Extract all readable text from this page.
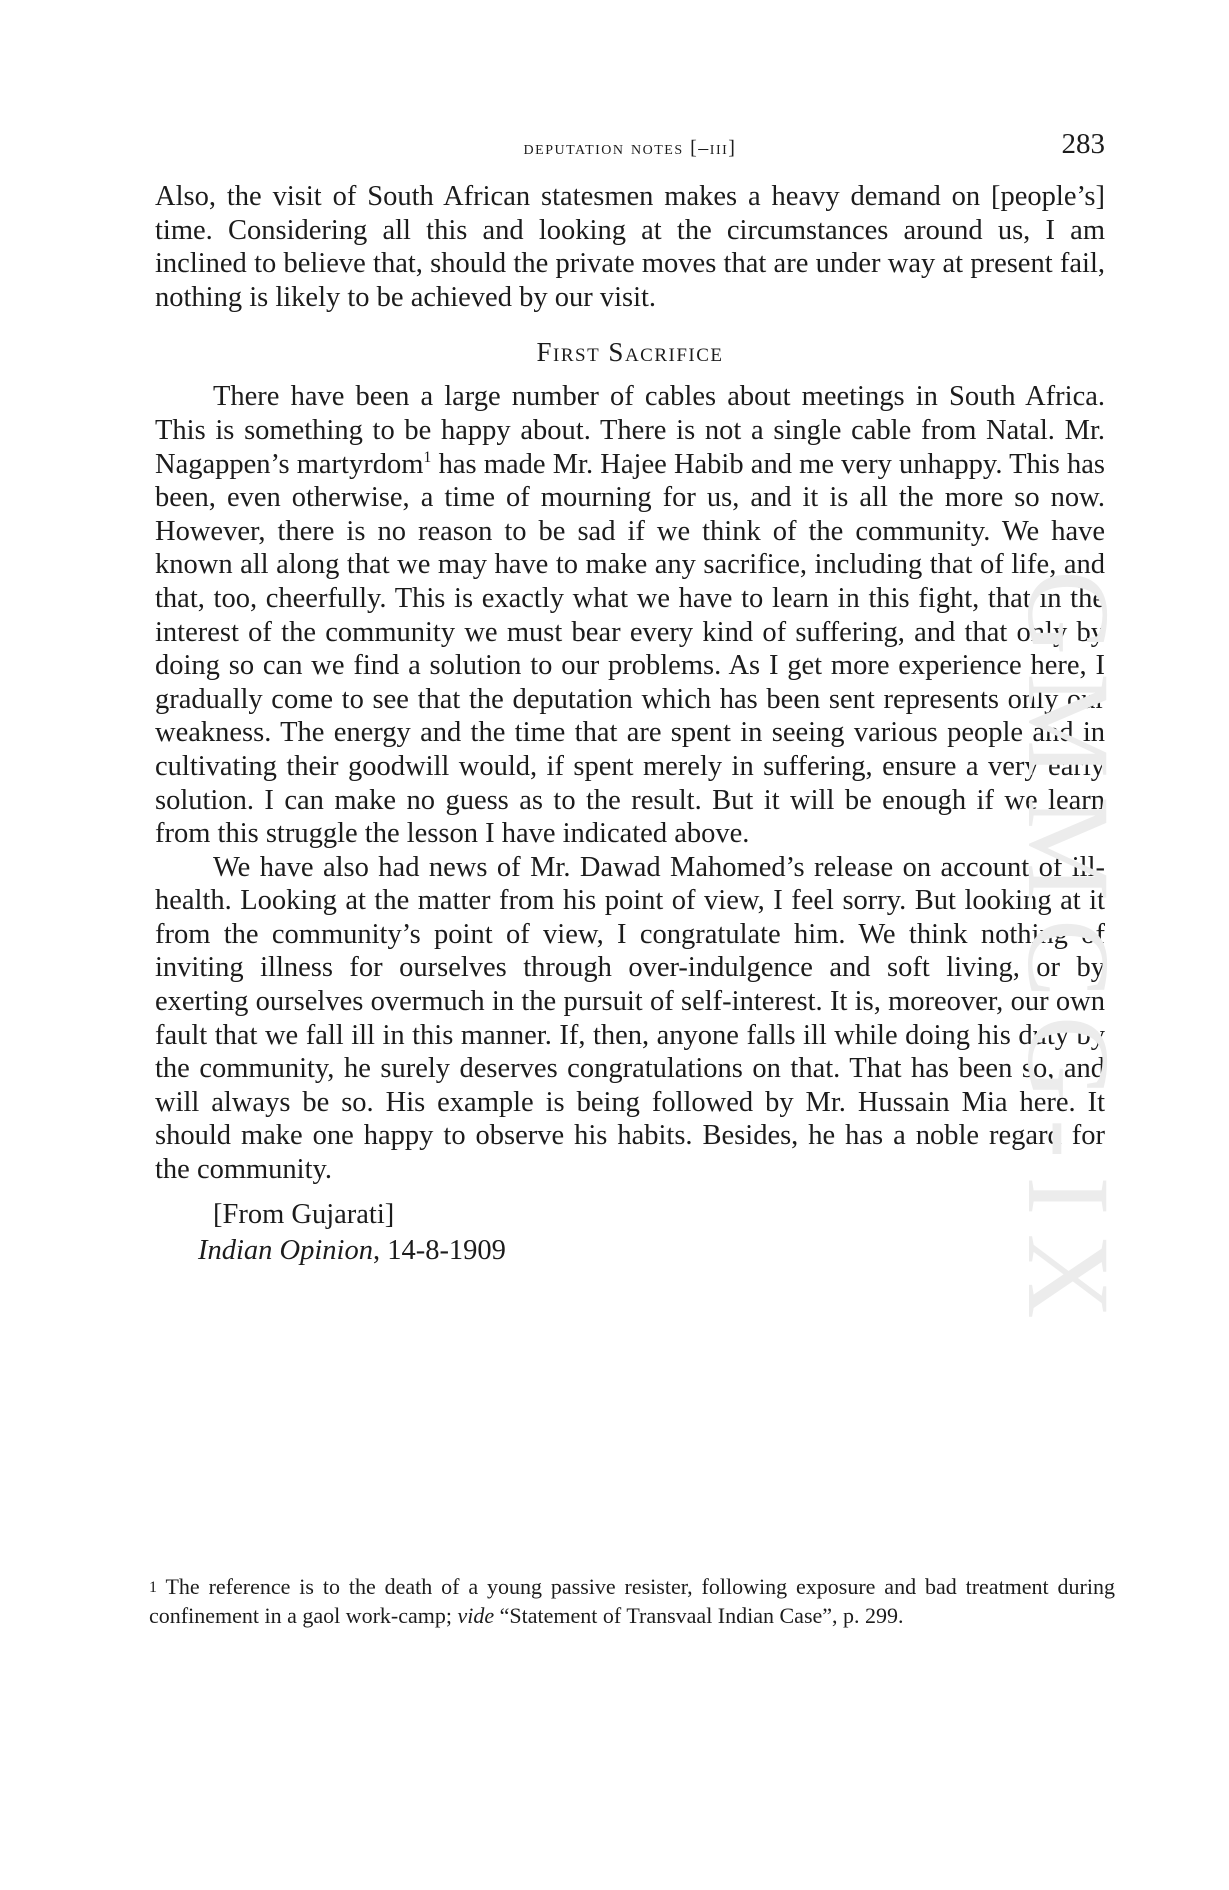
deputation notes [–iii]	283

Also, the visit of South African statesmen makes a heavy demand on [people’s] time. Considering all this and looking at the circumstances around us, I am inclined to believe that, should the private moves that are under way at present fail, nothing is likely to be achieved by our visit.

First Sacrifice

There have been a large number of cables about meetings in South Africa. This is something to be happy about. There is not a single cable from Natal. Mr. Nagappen’s martyrdom$^1$ has made Mr. Hajee Habib and me very unhappy. This has been, even otherwise, a time of mourning for us, and it is all the more so now. However, there is no reason to be sad if we think of the community. We have known all along that we may have to make any sacrifice, including that of life, and that, too, cheerfully. This is exactly what we have to learn in this fight, that in the interest of the community we must bear every kind of suffering, and that only by doing so can we find a solution to our problems. As I get more experience here, I gradually come to see that the deputation which has been sent represents only our weakness. The energy and the time that are spent in seeing various people and in cultivating their goodwill would, if spent merely in suffering, ensure a very early solution. I can make no guess as to the result. But it will be enough if we learn from this struggle the lesson I have indicated above.

We have also had news of Mr. Dawad Mahomed’s release on account of ill-health. Looking at the matter from his point of view, I feel sorry. But looking at it from the community’s point of view, I congratulate him. We think nothing of inviting illness for ourselves through over-indulgence and soft living, or by exerting ourselves overmuch in the pursuit of self-interest. It is, moreover, our own fault that we fall ill in this manner. If, then, anyone falls ill while doing his duty by the community, he surely deserves congratulations on that. That has been so, and will always be so. His example is being followed by Mr. Hussain Mia here. It should make one happy to observe his habits. Besides, he has a noble regard for the community.

[From Gujarati]

Indian Opinion, 14-8-1909

$^1$ The reference is to the death of a young passive resister, following exposure and bad treatment during confinement in a gaol work-camp; vide “Statement of Transvaal Indian Case”, p. 299.
GMMCG-IX
